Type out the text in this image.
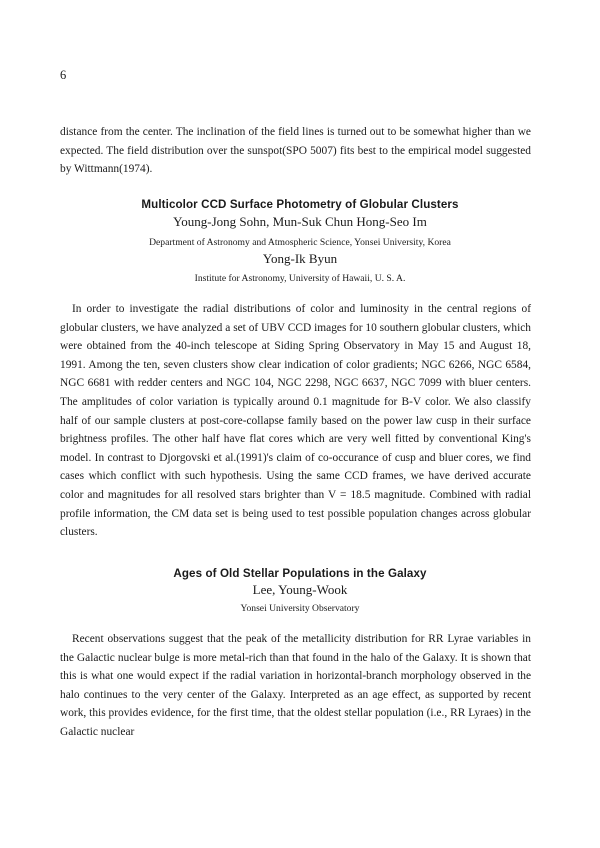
6

distance from the center. The inclination of the field lines is turned out to be somewhat higher than we expected. The field distribution over the sunspot(SPO 5007) fits best to the empirical model suggested by Wittmann(1974).

Multicolor CCD Surface Photometry of Globular Clusters
Young-Jong Sohn, Mun-Suk Chun Hong-Seo Im
Department of Astronomy and Atmospheric Science, Yonsei University, Korea
Yong-Ik Byun
Institute for Astronomy, University of Hawaii, U. S. A.

In order to investigate the radial distributions of color and luminosity in the central regions of globular clusters, we have analyzed a set of UBV CCD images for 10 southern globular clusters, which were obtained from the 40-inch telescope at Siding Spring Observatory in May 15 and August 18, 1991. Among the ten, seven clusters show clear indication of color gradients; NGC 6266, NGC 6584, NGC 6681 with redder centers and NGC 104, NGC 2298, NGC 6637, NGC 7099 with bluer centers. The amplitudes of color variation is typically around 0.1 magnitude for B-V color. We also classify half of our sample clusters at post-core-collapse family based on the power law cusp in their surface brightness profiles. The other half have flat cores which are very well fitted by conventional King's model. In contrast to Djorgovski et al.(1991)'s claim of co-occurance of cusp and bluer cores, we find cases which conflict with such hypothesis. Using the same CCD frames, we have derived accurate color and magnitudes for all resolved stars brighter than V = 18.5 magnitude. Combined with radial profile information, the CM data set is being used to test possible population changes across globular clusters.

Ages of Old Stellar Populations in the Galaxy
Lee, Young-Wook
Yonsei University Observatory

Recent observations suggest that the peak of the metallicity distribution for RR Lyrae variables in the Galactic nuclear bulge is more metal-rich than that found in the halo of the Galaxy. It is shown that this is what one would expect if the radial variation in horizontal-branch morphology observed in the halo continues to the very center of the Galaxy. Interpreted as an age effect, as supported by recent work, this provides evidence, for the first time, that the oldest stellar population (i.e., RR Lyraes) in the Galactic nuclear
